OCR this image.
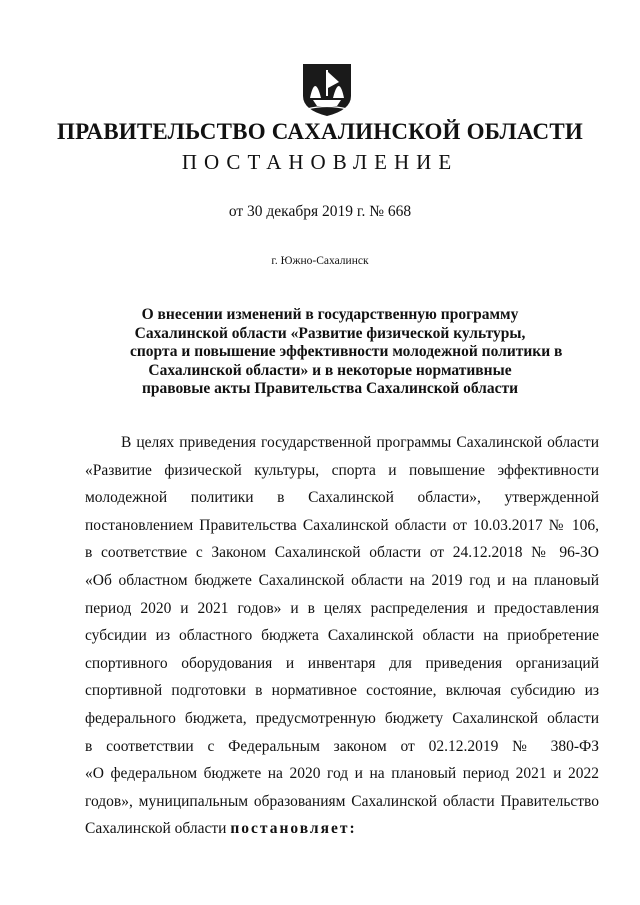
ПРАВИТЕЛЬСТВО САХАЛИНСКОЙ ОБЛАСТИ
ПОСТАНОВЛЕНИЕ
от 30 декабря 2019 г. № 668
г. Южно-Сахалинск
О внесении изменений в государственную программу
Сахалинской области «Развитие физической культуры,
спорта и повышение эффективности молодежной политики в
Сахалинской области» и в некоторые нормативные
правовые акты Правительства Сахалинской области
В целях приведения государственной программы Сахалинской области
«Развитие физической культуры, спорта и повышение эффективности
молодежной политики в Сахалинской области», утвержденной
постановлением Правительства Сахалинской области от 10.03.2017 № 106,
в соответствие с Законом Сахалинской области от 24.12.2018 № 96-ЗО
«Об областном бюджете Сахалинской области на 2019 год и на плановый
период 2020 и 2021 годов» и в целях распределения и предоставления
субсидии из областного бюджета Сахалинской области на приобретение
спортивного оборудования и инвентаря для приведения организаций
спортивной подготовки в нормативное состояние, включая субсидию из
федерального бюджета, предусмотренную бюджету Сахалинской области
в соответствии с Федеральным законом от 02.12.2019 № 380-ФЗ
«О федеральном бюджете на 2020 год и на плановый период 2021 и 2022
годов», муниципальным образованиям Сахалинской области Правительство
Сахалинской области постановляет:
